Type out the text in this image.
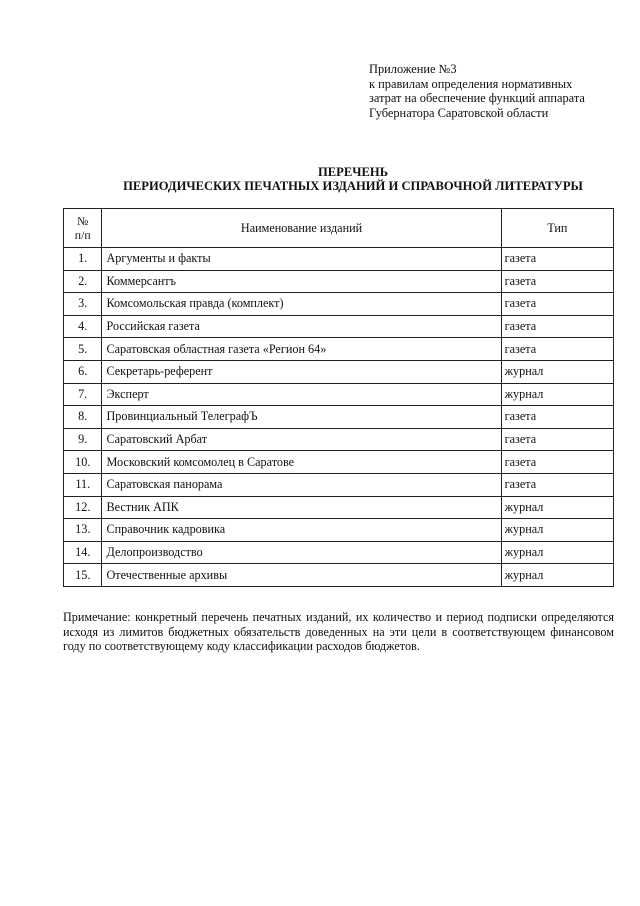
Приложение №3
к правилам определения нормативных
затрат на обеспечение функций аппарата
Губернатора Саратовской области
ПЕРЕЧЕНЬ
ПЕРИОДИЧЕСКИХ ПЕЧАТНЫХ ИЗДАНИЙ И СПРАВОЧНОЙ ЛИТЕРАТУРЫ
№
п/п	Наименование изданий	Тип
1.	Аргументы и факты	газета
2.	Коммерсантъ	газета
3.	Комсомольская правда (комплект)	газета
4.	Российская газета	газета
5.	Саратовская областная газета «Регион 64»	газета
6.	Секретарь-референт	журнал
7.	Эксперт	журнал
8.	Провинциальный ТелеграфЪ	газета
9.	Саратовский Арбат	газета
10.	Московский комсомолец в Саратове	газета
11.	Саратовская панорама	газета
12.	Вестник АПК	журнал
13.	Справочник кадровика	журнал
14.	Делопроизводство	журнал
15.	Отечественные архивы	журнал
Примечание: конкретный перечень печатных изданий, их количество и период подписки определяются исходя из лимитов бюджетных обязательств доведенных на эти цели в соответствующем финансовом году по соответствующему коду классификации расходов бюджетов.
